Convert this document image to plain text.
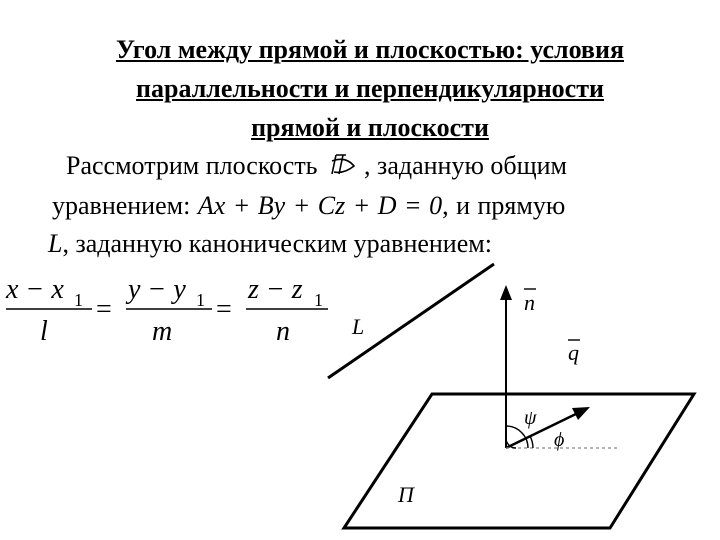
Угол между прямой и плоскостью: условия
параллельности и перпендикулярности
прямой и плоскости
Рассмотрим плоскость , заданную общим
уравнением: Ax + By + Cz + D = 0, и прямую
L, заданную каноническим уравнением:
x − x 1
l
=
y − y 1
m
=
z − z 1
n	L
П
n
q
ψ
ϕ
